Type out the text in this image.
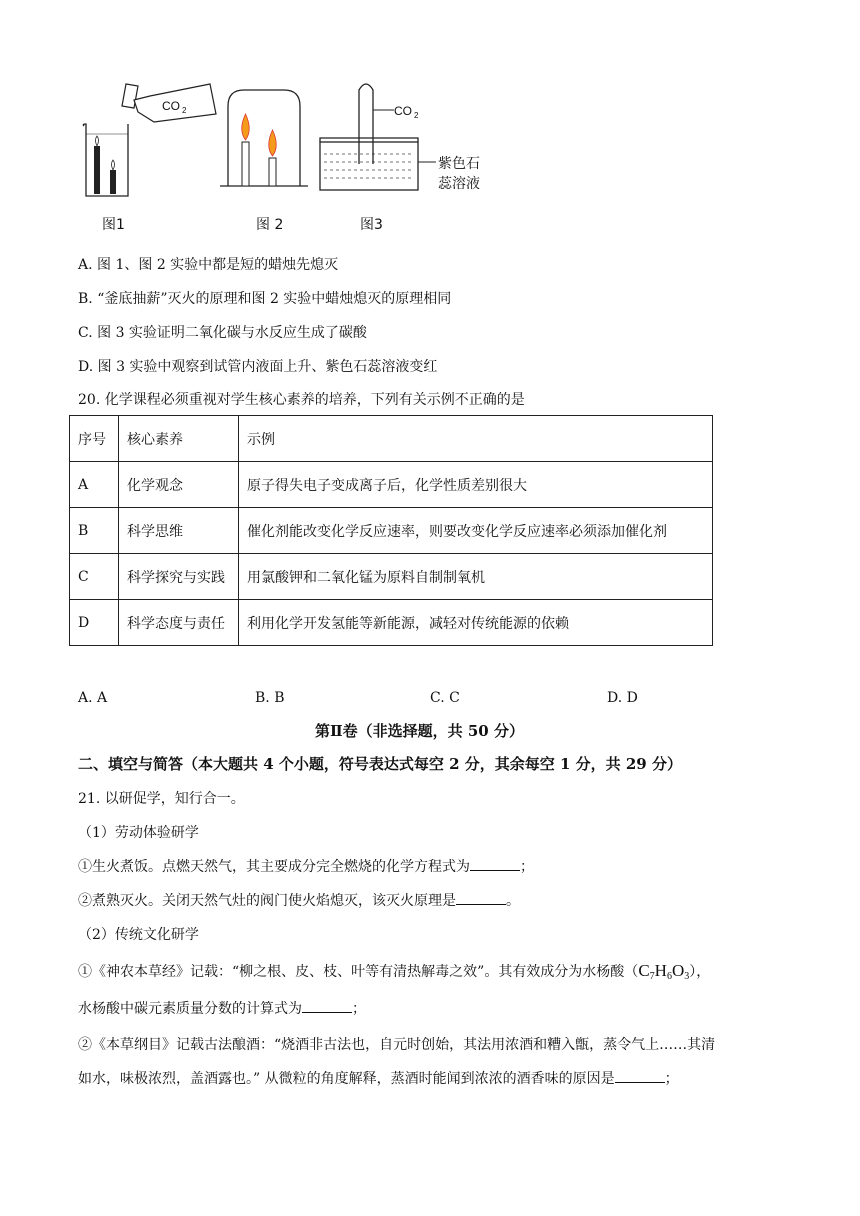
CO 2	CO 2
紫色石
蕊溶液
图1	图 2	图3
A. 图 1、图 2 实验中都是短的蜡烛先熄灭
B. “釜底抽薪”灭火的原理和图 2 实验中蜡烛熄灭的原理相同
C. 图 3 实验证明二氧化碳与水反应生成了碳酸
D. 图 3 实验中观察到试管内液面上升、紫色石蕊溶液变红
20. 化学课程必须重视对学生核心素养的培养，下列有关示例不正确的是
序号	核心素养	示例
A	化学观念	原子得失电子变成离子后，化学性质差别很大
B	科学思维	催化剂能改变化学反应速率，则要改变化学反应速率必须添加催化剂
C	科学探究与实践	用氯酸钾和二氧化锰为原料自制制氧机
D	科学态度与责任	利用化学开发氢能等新能源，减轻对传统能源的依赖
A. A	B. B	C. C	D. D
第Ⅱ卷（非选择题，共 50 分）
二、填空与简答（本大题共 4 个小题，符号表达式每空 2 分，其余每空 1 分，共 29 分）
21. 以研促学，知行合一。
（1）劳动体验研学
①生火煮饭。点燃天然气，其主要成分完全燃烧的化学方程式为	；
②煮熟灭火。关闭天然气灶的阀门使火焰熄灭，该灭火原理是	。
（2）传统文化研学
①《神农本草经》记载：“柳之根、皮、枝、叶等有清热解毒之效”。其有效成分为水杨酸$(C_7H_6O_3)$，
水杨酸中碳元素质量分数的计算式为	；
②《本草纲目》记载古法酿酒：“烧酒非古法也，自元时创始，其法用浓酒和糟入甑，蒸令气上……其清
如水，味极浓烈，盖酒露也。” 从微粒的角度解释，蒸酒时能闻到浓浓的酒香味的原因是	；
